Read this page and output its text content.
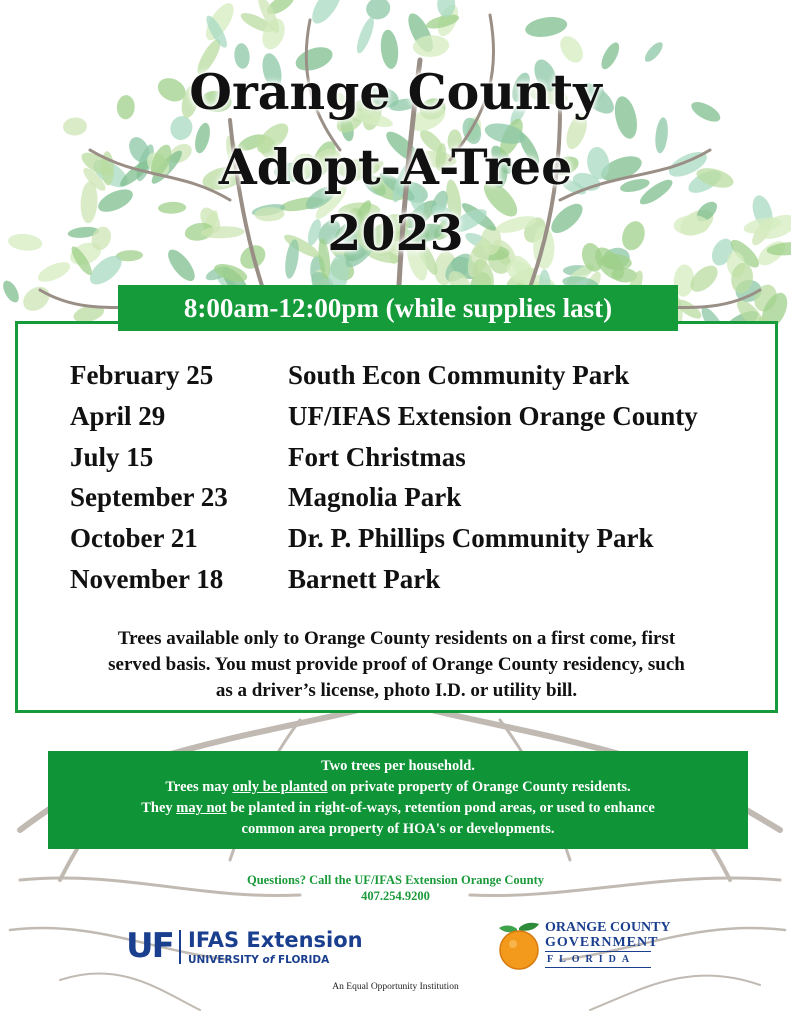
Orange County
Adopt-A-Tree
2023
February 25	South Econ Community Park
April 29	UF/IFAS Extension Orange County
July 15	Fort Christmas
September 23 Magnolia Park
October 21	Dr. P. Phillips Community Park
November 18 Barnett Park
Trees available only to Orange County residents on a first come, first
served basis. You must provide proof of Orange County residency, such
as a driver’s license, photo I.D. or utility bill.
8:00am-12:00pm (while supplies last)
Two trees per household.
Trees may only be planted on private property of Orange County residents.
They may not be planted in right-of-ways, retention pond areas, or used to enhance
common area property of HOA's or developments.
Questions? Call the UF/IFAS Extension Orange County
407.254.9200
UF IFAS Extension
UNIVERSITY of FLORIDA
ORANGE COUNTY
GOVERNMENT
FLORIDA
An Equal Opportunity Institution
